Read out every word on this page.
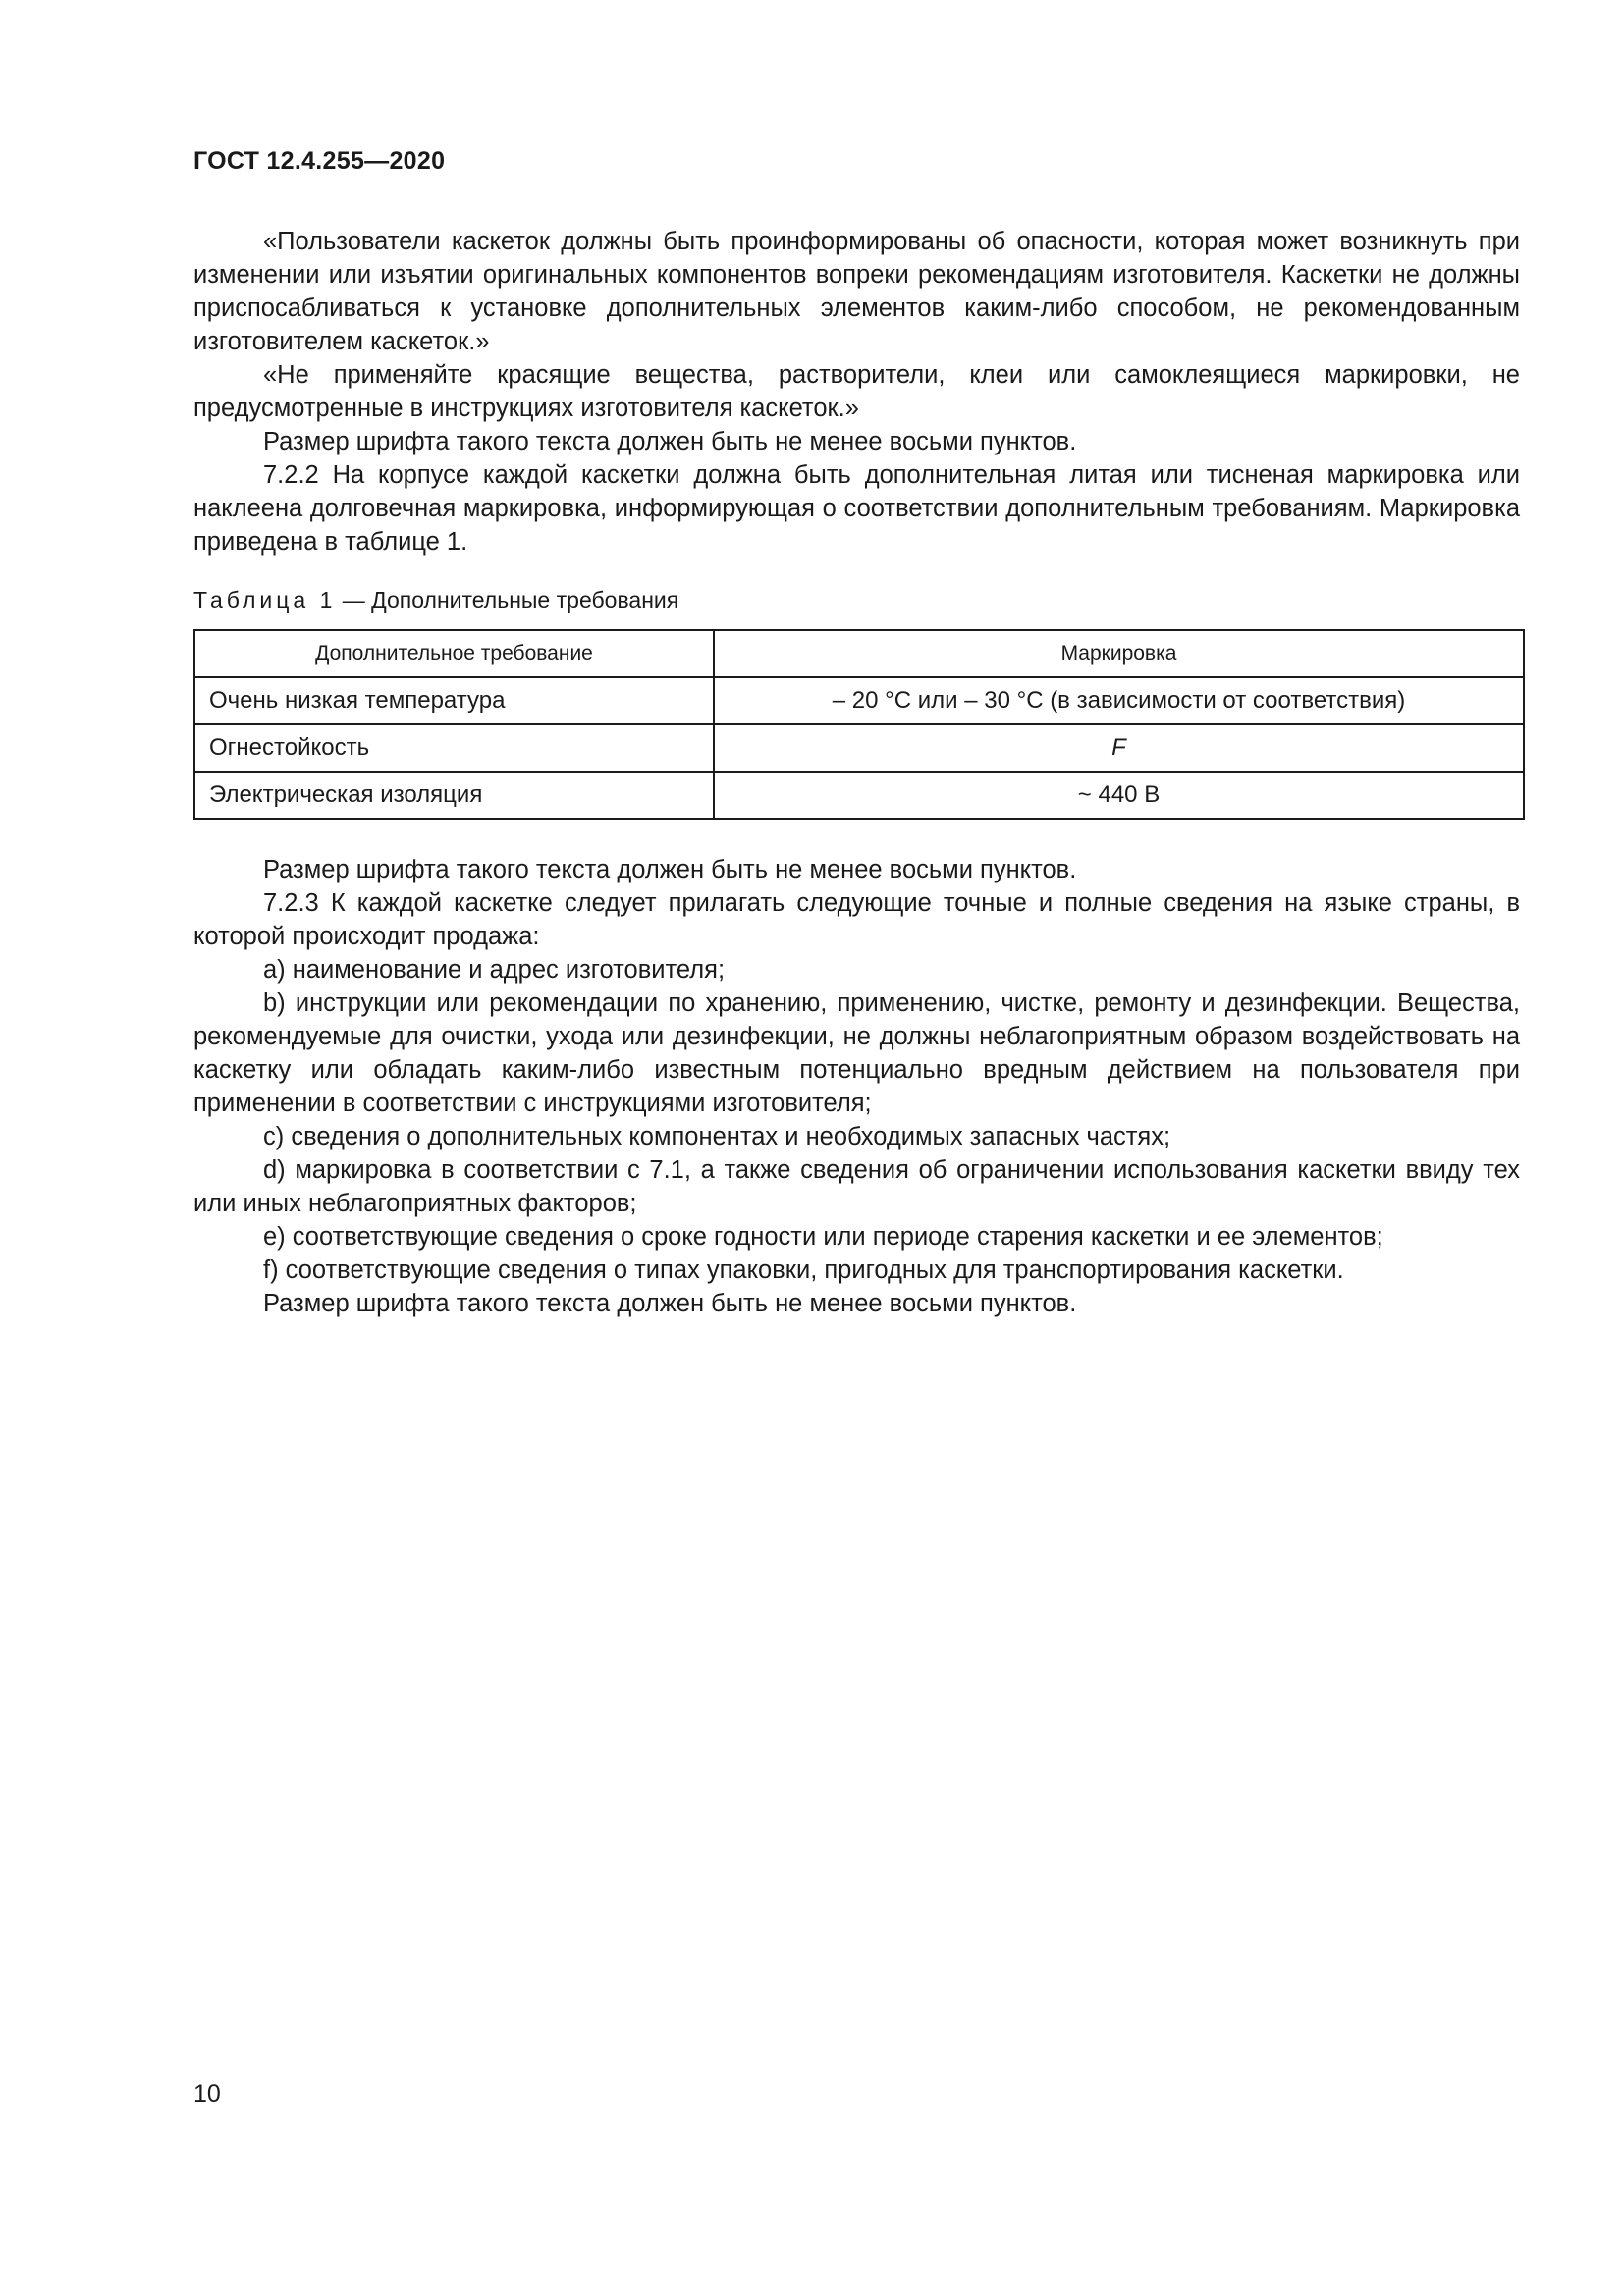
ГОСТ 12.4.255—2020

«Пользователи каскеток должны быть проинформированы об опасности, которая может возникнуть при изменении или изъятии оригинальных компонентов вопреки рекомендациям изготовителя. Каскетки не должны приспосабливаться к установке дополнительных элементов каким-либо способом, не рекомендованным изготовителем каскеток.»

«Не применяйте красящие вещества, растворители, клеи или самоклеящиеся маркировки, не предусмотренные в инструкциях изготовителя каскеток.»

Размер шрифта такого текста должен быть не менее восьми пунктов.

7.2.2 На корпусе каждой каскетки должна быть дополнительная литая или тисненая маркировка или наклеена долговечная маркировка, информирующая о соответствии дополнительным требованиям. Маркировка приведена в таблице 1.

Таблица 1 — Дополнительные требования

Дополнительное требование	Маркировка
Очень низкая температура	– 20 °C или – 30 °C (в зависимости от соответствия)
Огнестойкость	F
Электрическая изоляция	~ 440 В

Размер шрифта такого текста должен быть не менее восьми пунктов.

7.2.3 К каждой каскетке следует прилагать следующие точные и полные сведения на языке страны, в которой происходит продажа:

a) наименование и адрес изготовителя;

b) инструкции или рекомендации по хранению, применению, чистке, ремонту и дезинфекции. Вещества, рекомендуемые для очистки, ухода или дезинфекции, не должны неблагоприятным образом воздействовать на каскетку или обладать каким-либо известным потенциально вредным действием на пользователя при применении в соответствии с инструкциями изготовителя;

c) сведения о дополнительных компонентах и необходимых запасных частях;

d) маркировка в соответствии с 7.1, а также сведения об ограничении использования каскетки ввиду тех или иных неблагоприятных факторов;

e) соответствующие сведения о сроке годности или периоде старения каскетки и ее элементов;

f) соответствующие сведения о типах упаковки, пригодных для транспортирования каскетки.

Размер шрифта такого текста должен быть не менее восьми пунктов.

10
